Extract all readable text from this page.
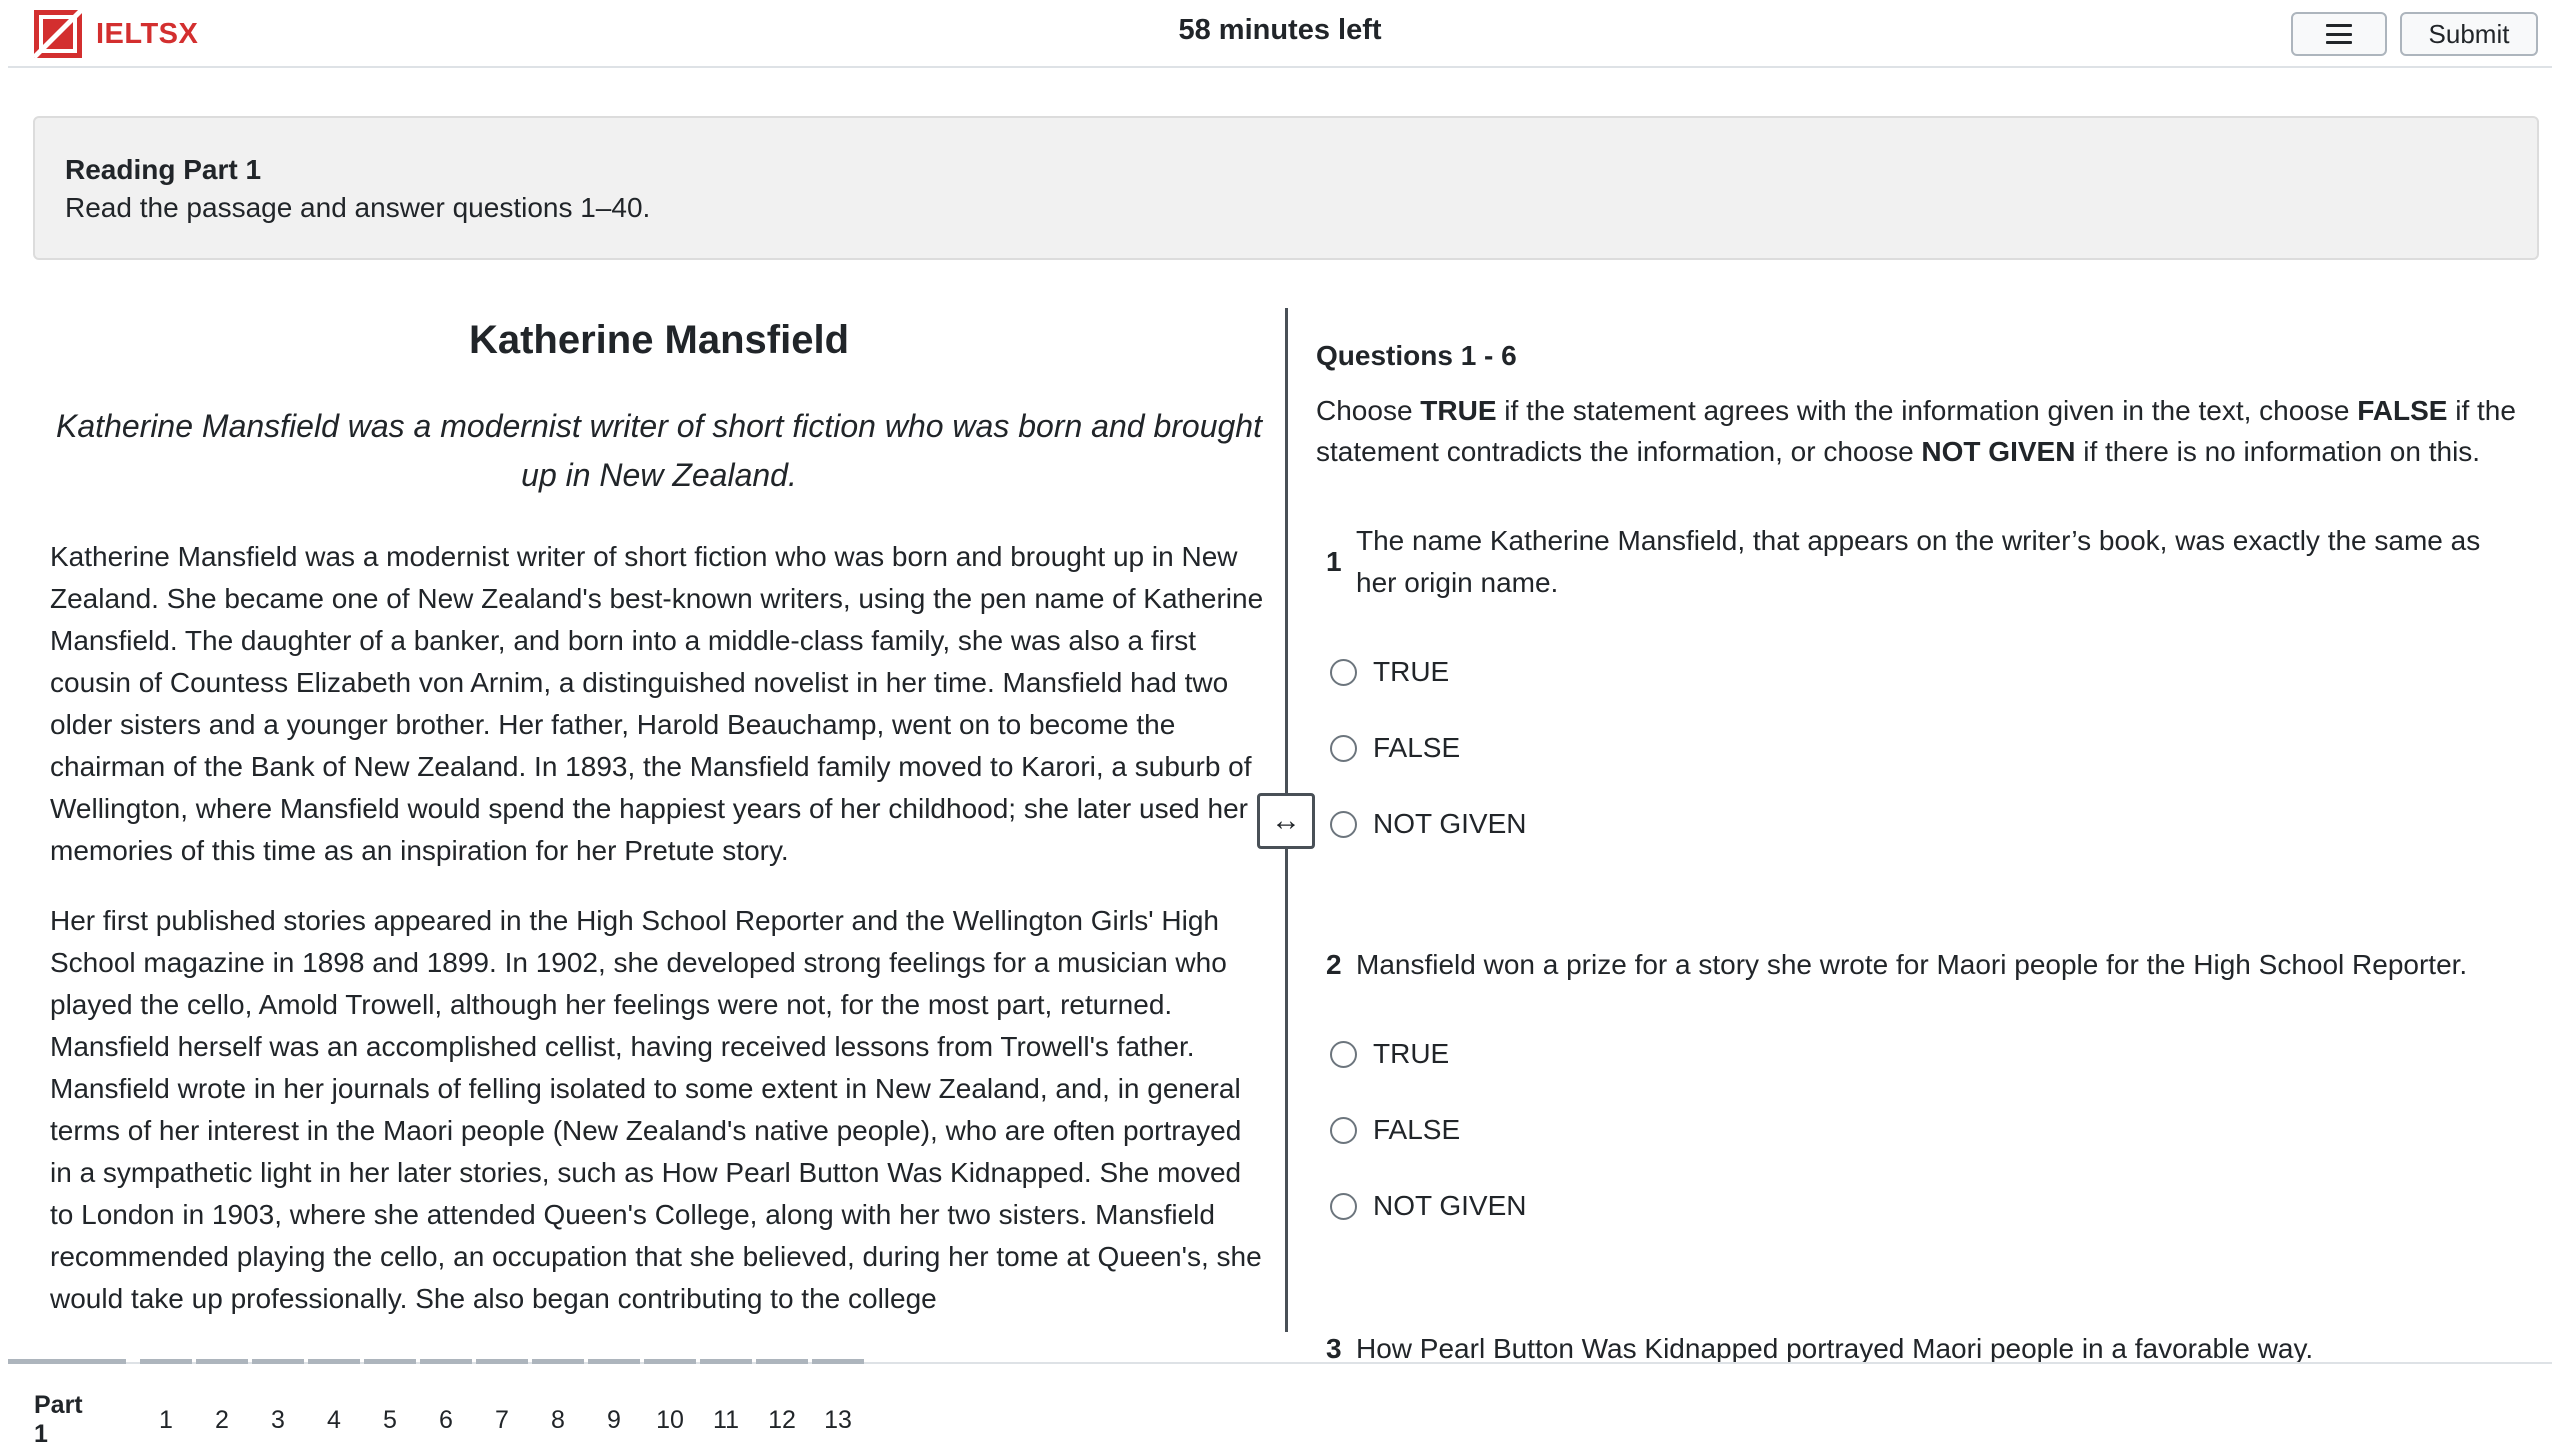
IELTSX	58 minutes left	Submit
Reading Part 1
Read the passage and answer questions 1–40.
Katherine Mansfield
Katherine Mansfield was a modernist writer of short fiction who was born and brought up in New Zealand.

Katherine Mansfield was a modernist writer of short fiction who was born and brought up in New Zealand. She became one of New Zealand's best-known writers, using the pen name of Katherine Mansfield. The daughter of a banker, and born into a middle-class family, she was also a first cousin of Countess Elizabeth von Arnim, a distinguished novelist in her time. Mansfield had two older sisters and a younger brother. Her father, Harold Beauchamp, went on to become the chairman of the Bank of New Zealand. In 1893, the Mansfield family moved to Karori, a suburb of Wellington, where Mansfield would spend the happiest years of her childhood; she later used her memories of this time as an inspiration for her Pretute story.

Her first published stories appeared in the High School Reporter and the Wellington Girls' High School magazine in 1898 and 1899. In 1902, she developed strong feelings for a musician who played the cello, Amold Trowell, although her feelings were not, for the most part, returned. Mansfield herself was an accomplished cellist, having received lessons from Trowell's father. Mansfield wrote in her journals of felling isolated to some extent in New Zealand, and, in general terms of her interest in the Maori people (New Zealand's native people), who are often portrayed in a sympathetic light in her later stories, such as How Pearl Button Was Kidnapped. She moved to London in 1903, where she attended Queen's College, along with her two sisters. Mansfield recommended playing the cello, an occupation that she believed, during her tome at Queen's, she would take up professionally. She also began contributing to the college

↔
Questions 1 - 6
Choose TRUE if the statement agrees with the information given in the text, choose FALSE if the statement contradicts the information, or choose NOT GIVEN if there is no information on this.
1
The name Katherine Mansfield, that appears on the writer’s book, was exactly the same as her origin name.
TRUE
FALSE
NOT GIVEN
2 Mansfield won a prize for a story she wrote for Maori people for the High School Reporter.
TRUE
FALSE
NOT GIVEN
3 How Pearl Button Was Kidnapped portrayed Maori people in a favorable way.
Part 1
1	2	3	4	5	6	7	8	9	10 11 12 13
